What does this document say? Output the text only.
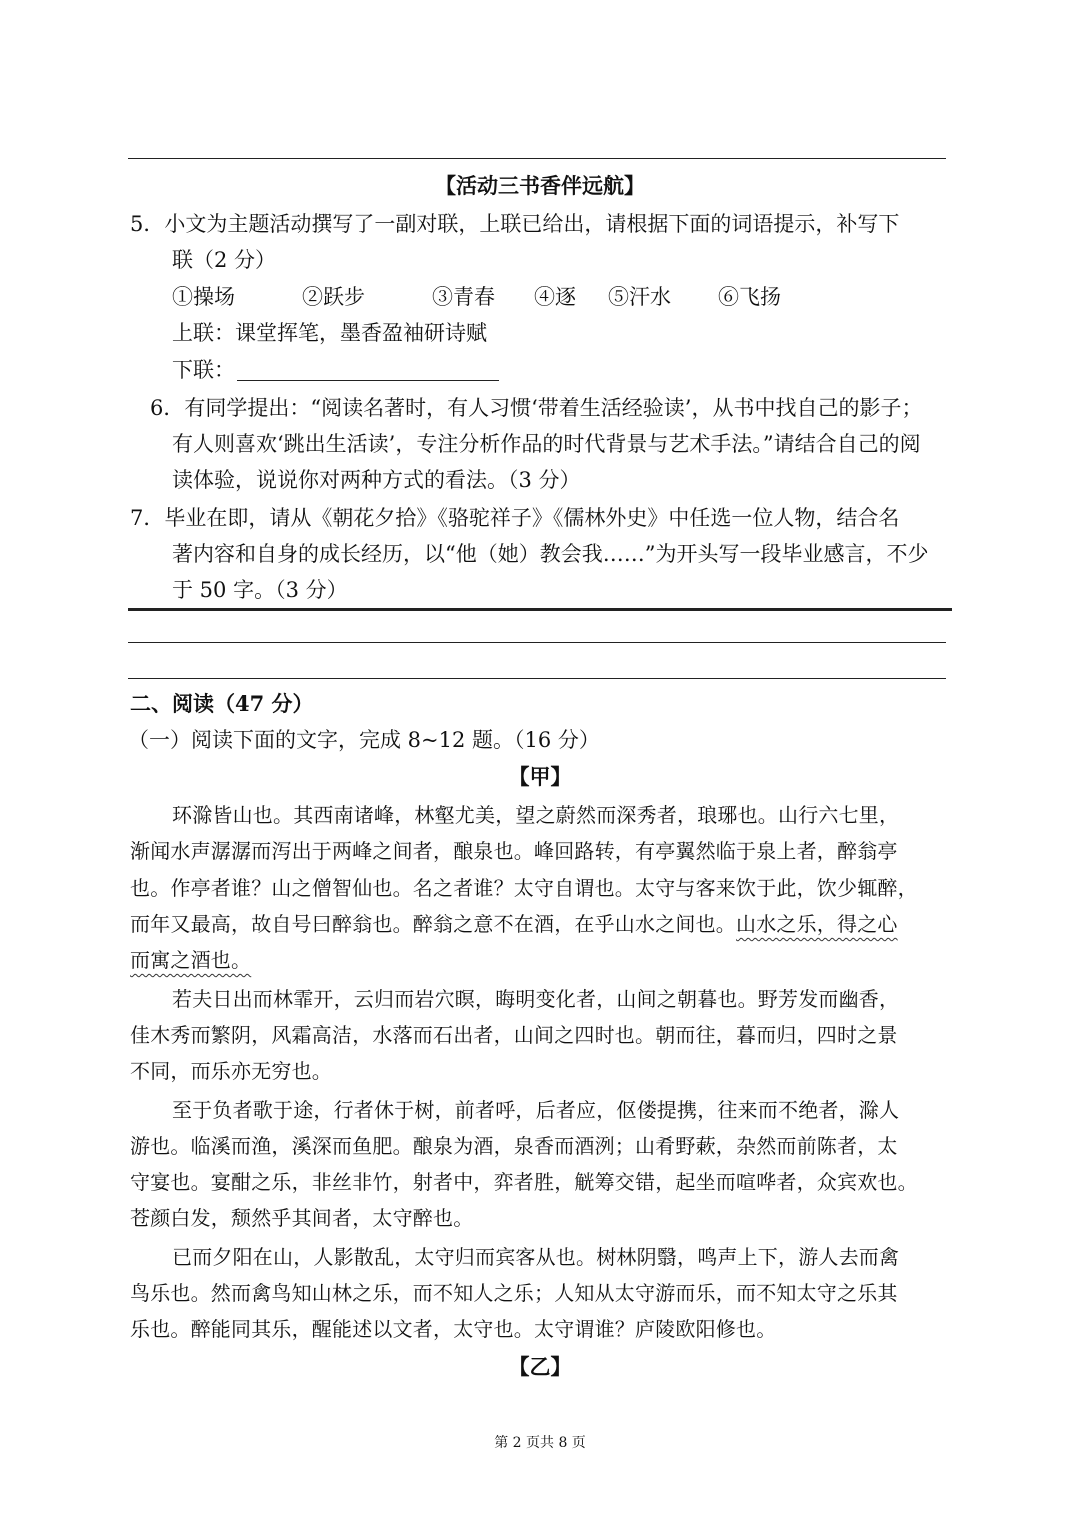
【活动三书香伴远航】
5．小文为主题活动撰写了一副对联，上联已给出，请根据下面的词语提示，补写下
联（2 分）
①操场	②跃步	③青春 ④逐 ⑤汗水 ⑥飞扬
上联：课堂挥笔，墨香盈袖研诗赋
下联：
6．有同学提出：“阅读名著时，有人习惯‘带着生活经验读’，从书中找自己的影子；
有人则喜欢‘跳出生活读’，专注分析作品的时代背景与艺术手法。”请结合自己的阅
读体验，说说你对两种方式的看法。（3 分）
7．毕业在即，请从《朝花夕拾》《骆驼祥子》《儒林外史》中任选一位人物，结合名
著内容和自身的成长经历，以“他（她）教会我……”为开头写一段毕业感言，不少
于 50 字。（3 分）
二、阅读（47 分）
（一）阅读下面的文字，完成 8~12 题。（16 分）
【甲】
环滁皆山也。其西南诸峰，林壑尤美，望之蔚然而深秀者，琅琊也。山行六七里，
渐闻水声潺潺而泻出于两峰之间者，酿泉也。峰回路转，有亭翼然临于泉上者，醉翁亭
也。作亭者谁？山之僧智仙也。名之者谁？太守自谓也。太守与客来饮于此，饮少辄醉，
而年又最高，故自号曰醉翁也。醉翁之意不在酒，在乎山水之间也。山水之乐，得之心
而寓之酒也。
若夫日出而林霏开，云归而岩穴暝，晦明变化者，山间之朝暮也。野芳发而幽香，
佳木秀而繁阴，风霜高洁，水落而石出者，山间之四时也。朝而往，暮而归，四时之景
不同，而乐亦无穷也。
至于负者歌于途，行者休于树，前者呼，后者应，伛偻提携，往来而不绝者，滁人
游也。临溪而渔，溪深而鱼肥。酿泉为酒，泉香而酒洌；山肴野蔌，杂然而前陈者，太
守宴也。宴酣之乐，非丝非竹，射者中，弈者胜，觥筹交错，起坐而喧哗者，众宾欢也。
苍颜白发，颓然乎其间者，太守醉也。
已而夕阳在山，人影散乱，太守归而宾客从也。树林阴翳，鸣声上下，游人去而禽
鸟乐也。然而禽鸟知山林之乐，而不知人之乐；人知从太守游而乐，而不知太守之乐其
乐也。醉能同其乐，醒能述以文者，太守也。太守谓谁？庐陵欧阳修也。
【乙】
第 2 页共 8 页
